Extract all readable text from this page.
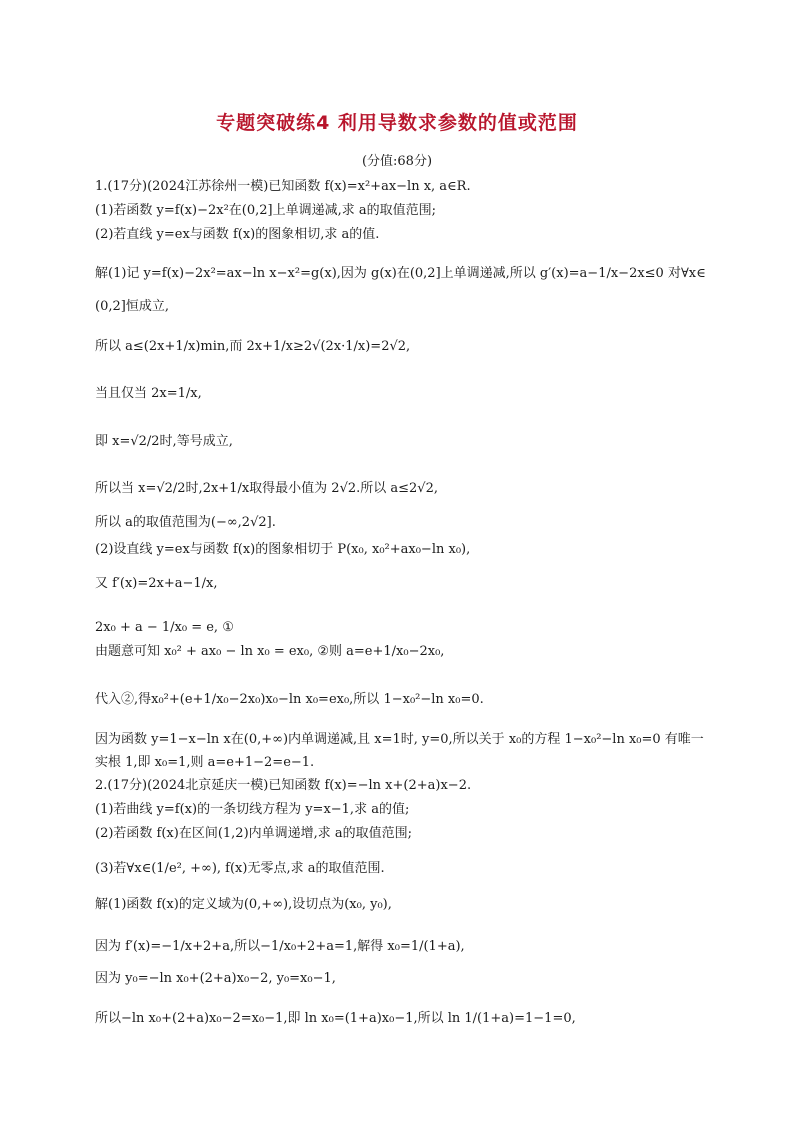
专题突破练4 利用导数求参数的值或范围
(分值:68分)
1.(17分)(2024江苏徐州一模)已知函数 f(x)=x²+ax−ln x, a∈R.
(1)若函数 y=f(x)−2x²在(0,2]上单调递减,求 a的取值范围;
(2)若直线 y=ex与函数 f(x)的图象相切,求 a的值.
解(1)记 y=f(x)−2x²=ax−ln x−x²=g(x),因为 g(x)在(0,2]上单调递减,所以 g′(x)=a−1/x−2x≤0 对∀x∈
(0,2]恒成立,
所以 a≤(2x+1/x)min,而 2x+1/x≥2√(2x·1/x)=2√2,
当且仅当 2x=1/x,
即 x=√2/2时,等号成立,
所以当 x=√2/2时,2x+1/x取得最小值为 2√2.所以 a≤2√2,
所以 a的取值范围为(−∞,2√2].
(2)设直线 y=ex与函数 f(x)的图象相切于 P(x₀, x₀²+ax₀−ln x₀),
又 f′(x)=2x+a−1/x,
2x₀ + a − 1/x₀ = e, ①
由题意可知 x₀² + ax₀ − ln x₀ = ex₀, ②则 a=e+1/x₀−2x₀,
代入②,得x₀²+(e+1/x₀−2x₀)x₀−ln x₀=ex₀,所以 1−x₀²−ln x₀=0.
因为函数 y=1−x−ln x在(0,+∞)内单调递减,且 x=1时, y=0,所以关于 x₀的方程 1−x₀²−ln x₀=0 有唯一
实根 1,即 x₀=1,则 a=e+1−2=e−1.
2.(17分)(2024北京延庆一模)已知函数 f(x)=−ln x+(2+a)x−2.
(1)若曲线 y=f(x)的一条切线方程为 y=x−1,求 a的值;
(2)若函数 f(x)在区间(1,2)内单调递增,求 a的取值范围;
(3)若∀x∈(1/e², +∞), f(x)无零点,求 a的取值范围.
解(1)函数 f(x)的定义域为(0,+∞),设切点为(x₀, y₀),
因为 f′(x)=−1/x+2+a,所以−1/x₀+2+a=1,解得 x₀=1/(1+a),
因为 y₀=−ln x₀+(2+a)x₀−2, y₀=x₀−1,
所以−ln x₀+(2+a)x₀−2=x₀−1,即 ln x₀=(1+a)x₀−1,所以 ln 1/(1+a)=1−1=0,
